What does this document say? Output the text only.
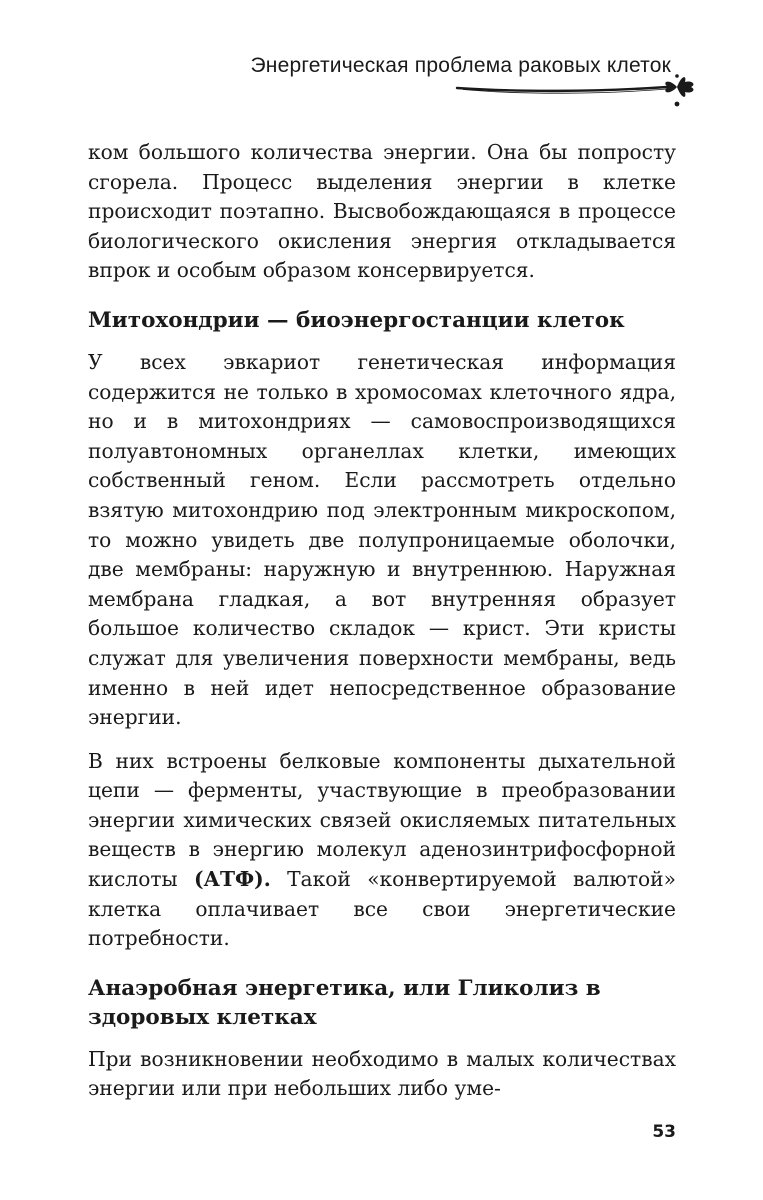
Энергетическая проблема раковых клеток

ком большого количества энергии. Она бы попросту сгорела. Процесс выделения энергии в клетке происходит поэтапно. Высвобождающаяся в процессе биологического окисления энергия откладывается впрок и особым образом консервируется.

Митохондрии — биоэнергостанции клеток

У всех эвкариот генетическая информация содержится не только в хромосомах клеточного ядра, но и в митохондриях — самовоспроизводящихся полуавтономных органеллах клетки, имеющих собственный геном. Если рассмотреть отдельно взятую митохондрию под электронным микроскопом, то можно увидеть две полупроницаемые оболочки, две мембраны: наружную и внутреннюю. Наружная мембрана гладкая, а вот внутренняя образует большое количество складок — крист. Эти кристы служат для увеличения поверхности мембраны, ведь именно в ней идет непосредственное образование энергии.

В них встроены белковые компоненты дыхательной цепи — ферменты, участвующие в преобразовании энергии химических связей окисляемых питательных веществ в энергию молекул аденозинтрифосфорной кислоты (АТФ). Такой «конвертируемой валютой» клетка оплачивает все свои энергетические потребности.

Анаэробная энергетика, или Гликолиз в здоровых клетках

При возникновении необходимо в малых количествах энергии или при небольших либо уме-

53
